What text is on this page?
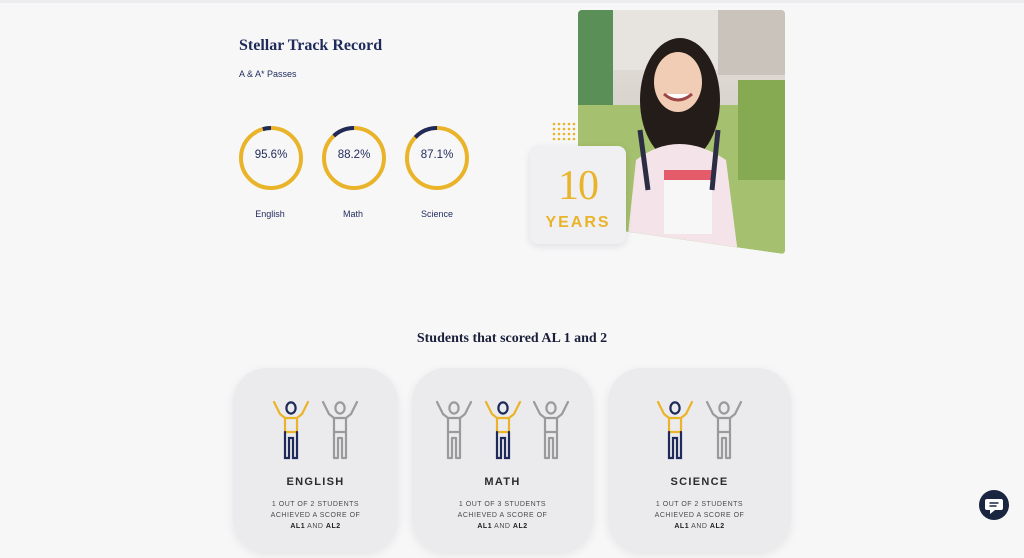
Stellar Track Record
A & A* Passes
95.6%
English
88.2%
Math
87.1%
Science
10
YEARS
Students that scored AL 1 and 2

ENGLISH
1 OUT OF 2 STUDENTS
ACHIEVED A SCORE OF
AL1 AND AL2

MATH
1 OUT OF 3 STUDENTS
ACHIEVED A SCORE OF
AL1 AND AL2

SCIENCE
1 OUT OF 2 STUDENTS
ACHIEVED A SCORE OF
AL1 AND AL2
